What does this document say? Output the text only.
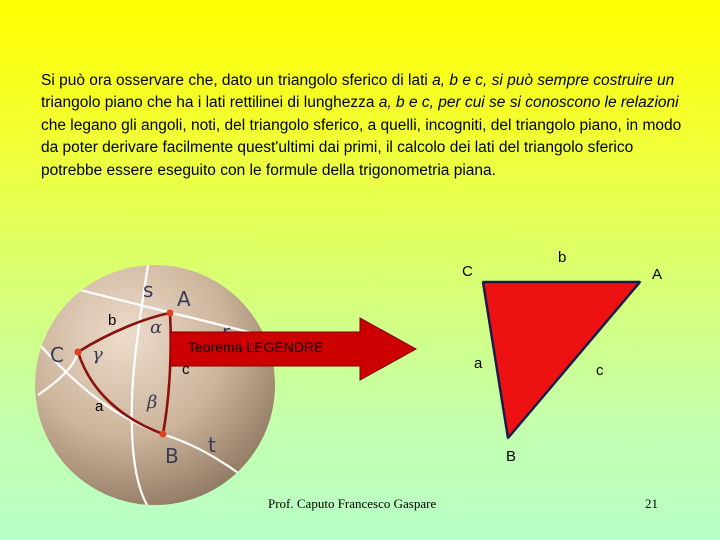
Si può ora osservare che, dato un triangolo sferico di lati a, b e c, si può sempre costruire un triangolo piano che ha i lati rettilinei di lunghezza a, b e c, per cui se si conoscono le relazioni che legano gli angoli, noti, del triangolo sferico, a quelli, incogniti, del triangolo piano, in modo da poter derivare facilmente quest'ultimi dai primi, il calcolo dei lati del triangolo sferico potrebbe essere eseguito con le formule della trigonometria piana.
s A
C
B t
α
γ
β
b
a
c
Teorema LEGENDRE
C	A
B
b
a	c
Prof. Caputo Francesco Gaspare	21
